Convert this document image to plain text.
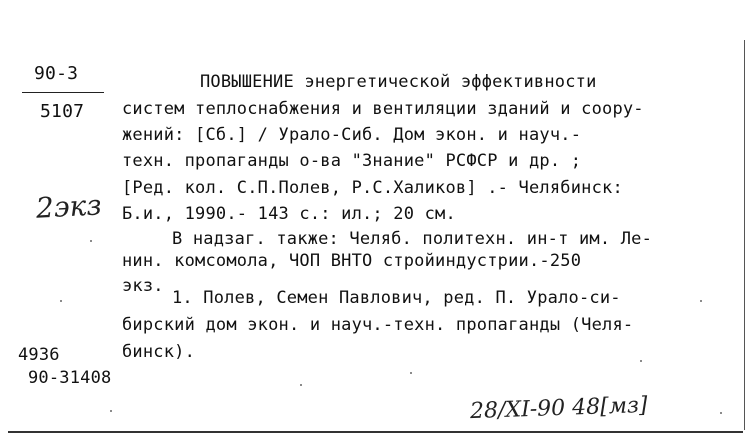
90-3
5107
2экз
ПОВЫШЕНИЕ энергетической эффективности
систем теплоснабжения и вентиляции зданий и соору-
жений: [Сб.] / Урало-Сиб. Дом экон. и науч.-
техн. пропаганды о-ва "Знание" РСФСР и др. ;
[Ред. кол. С.П.Полев, Р.С.Халиков] .- Челябинск:
Б.и., 1990.- 143 с.: ил.; 20 см.
В надзаг. также: Челяб. политехн. ин-т им. Ле-
нин. комсомола, ЧОП ВНТО стройиндустрии.-250
экз.
1. Полев, Семен Павлович, ред. П. Урало-си-
бирский дом экон. и науч.-техн. пропаганды (Челя-
бинск).
4936
90-31408
28/XI-90 48[мз]
